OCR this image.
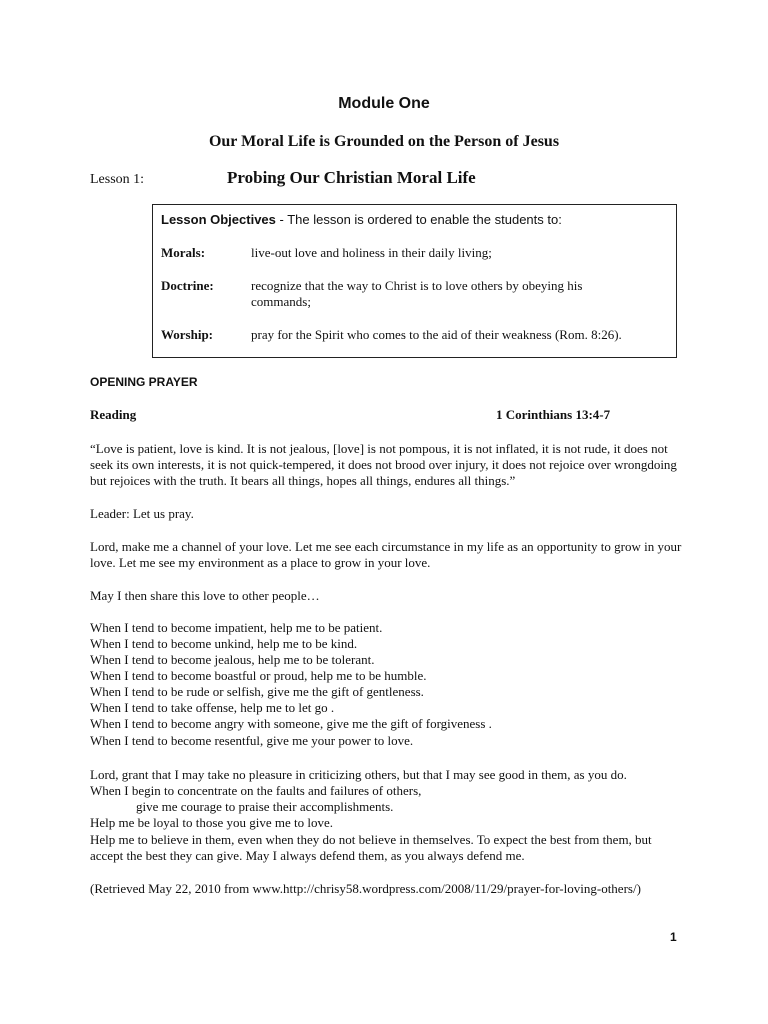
Module One
Our Moral Life is Grounded on the Person of Jesus
Lesson 1:	Probing Our Christian Moral Life
Lesson Objectives - The lesson is ordered to enable the students to:
Morals:	live-out love and holiness in their daily living;
Doctrine:	recognize that the way to Christ is to love others by obeying his commands;
Worship:	pray for the Spirit who comes to the aid of their weakness (Rom. 8:26).
OPENING PRAYER
Reading	1 Corinthians 13:4-7
“Love is patient, love is kind. It is not jealous, [love] is not pompous, it is not inflated, it is not rude, it does not seek its own interests, it is not quick-tempered, it does not brood over injury, it does not rejoice over wrongdoing but rejoices with the truth. It bears all things, hopes all things, endures all things.”
Leader: Let us pray.
Lord, make me a channel of your love. Let me see each circumstance in my life as an opportunity to grow in your love. Let me see my environment as a place to grow in your love.
May I then share this love to other people…
When I tend to become impatient, help me to be patient.
When I tend to become unkind, help me to be kind.
When I tend to become jealous, help me to be tolerant.
When I tend to become boastful or proud, help me to be humble.
When I tend to be rude or selfish, give me the gift of gentleness.
When I tend to take offense, help me to let go .
When I tend to become angry with someone, give me the gift of forgiveness .
When I tend to become resentful, give me your power to love.
Lord, grant that I may take no pleasure in criticizing others, but that I may see good in them, as you do.
When I begin to concentrate on the faults and failures of others,
give me courage to praise their accomplishments.
Help me be loyal to those you give me to love.
Help me to believe in them, even when they do not believe in themselves. To expect the best from them, but accept the best they can give. May I always defend them, as you always defend me.
(Retrieved May 22, 2010 from www.http://chrisy58.wordpress.com/2008/11/29/prayer-for-loving-others/)
1
